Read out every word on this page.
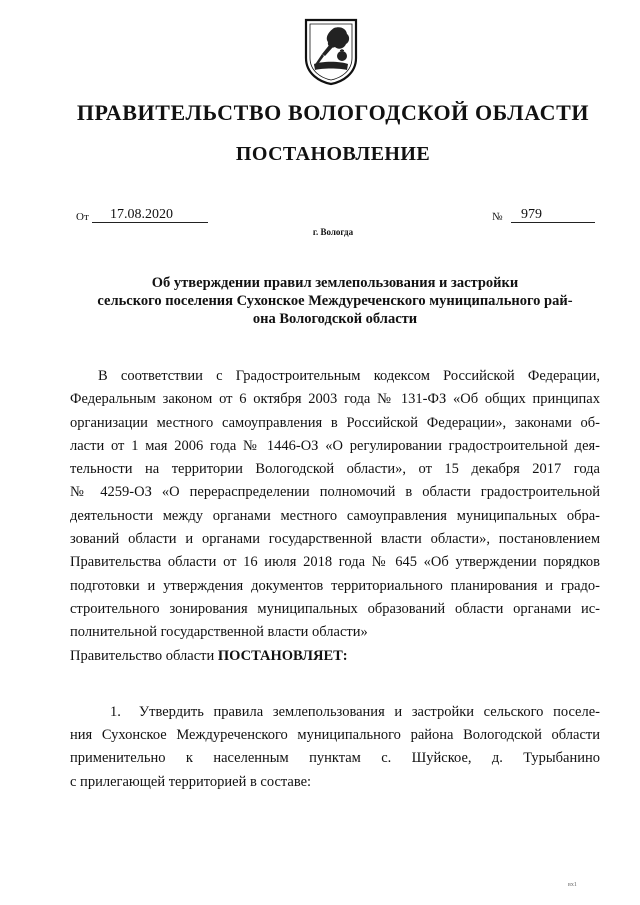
ПРАВИТЕЛЬСТВО ВОЛОГОДСКОЙ ОБЛАСТИ
ПОСТАНОВЛЕНИЕ
От	17.08.2020	№	979
г. Вологда
Об утверждении правил землепользования и застройки
сельского поселения Сухонское Междуреченского муниципального рай-
она Вологодской области
В соответствии с Градостроительным кодексом Российской Федерации,
Федеральным законом от 6 октября 2003 года № 131-ФЗ «Об общих принципах
организации местного самоуправления в Российской Федерации», законами об-
ласти от 1 мая 2006 года № 1446-ОЗ «О регулировании градостроительной дея-
тельности на территории Вологодской области», от 15 декабря 2017 года
№ 4259-ОЗ «О перераспределении полномочий в области градостроительной
деятельности между органами местного самоуправления муниципальных обра-
зований области и органами государственной власти области», постановлением
Правительства области от 16 июля 2018 года № 645 «Об утверждении порядков
подготовки и утверждения документов территориального планирования и градо-
строительного зонирования муниципальных образований области органами ис-
полнительной государственной власти области»
Правительство области ПОСТАНОВЛЯЕТ:
1. Утвердить правила землепользования и застройки сельского поселе-
ния Сухонское Междуреченского муниципального района Вологодской области
применительно к населенным пунктам с. Шуйское, д. Турыбанино
с прилегающей территорией в составе:
вх1
